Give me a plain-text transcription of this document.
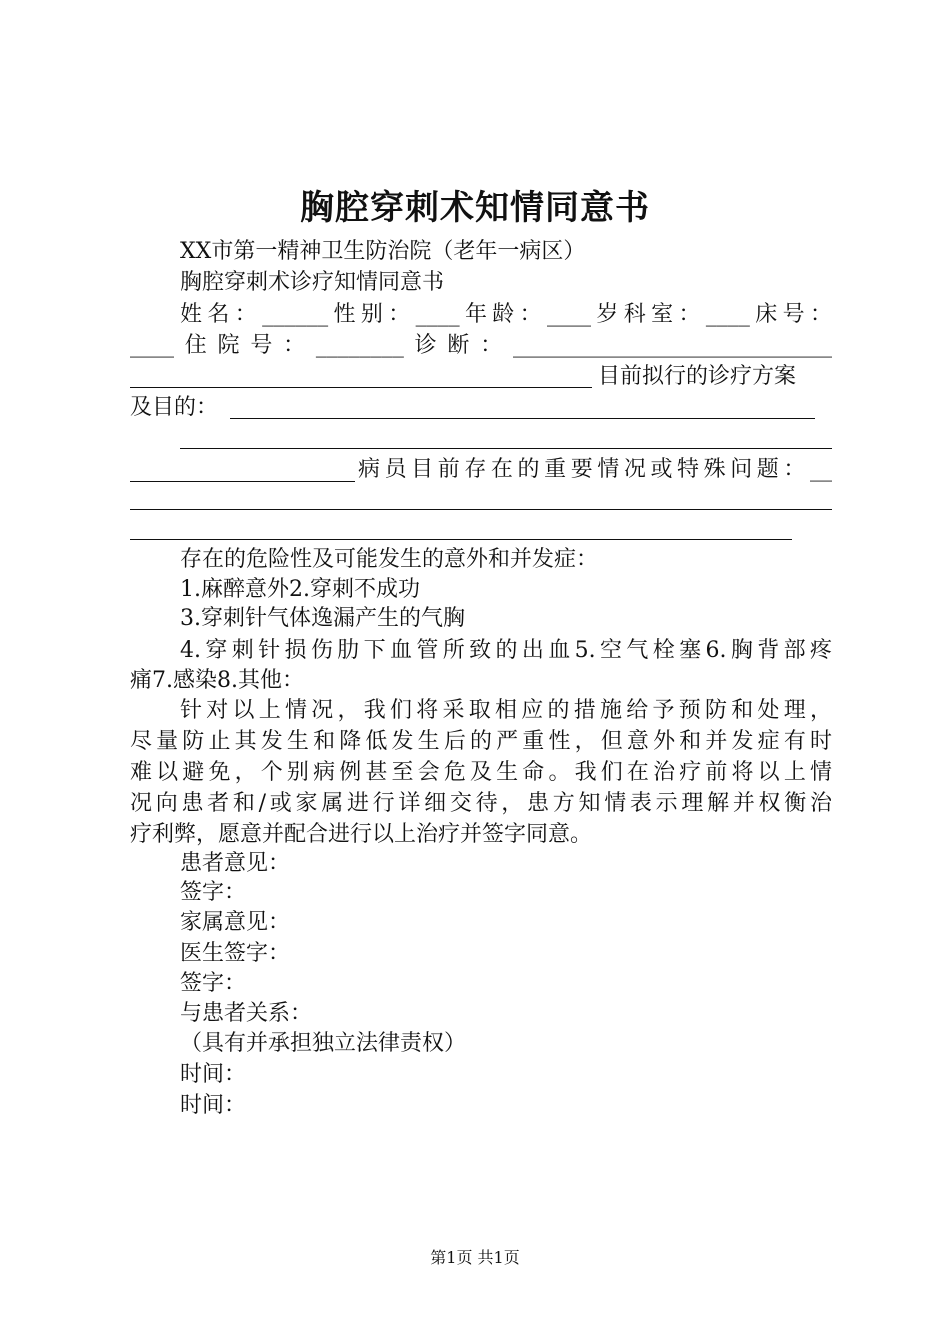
胸腔穿刺术知情同意书
XX市第一精神卫生防治院（老年一病区）
胸腔穿刺术诊疗知情同意书
姓名：______性别：____年龄：____岁科室：____床号：
____住院号：________诊断：_____________________________
目前拟行的诊疗方案
及目的：
病员目前存在的重要情况或特殊问题：__
存在的危险性及可能发生的意外和并发症：
1.麻醉意外2.穿刺不成功
3.穿刺针气体逸漏产生的气胸
4.穿刺针损伤肋下血管所致的出血5.空气栓塞6.胸背部疼
痛7.感染8.其他：
针对以上情况，我们将采取相应的措施给予预防和处理，
尽量防止其发生和降低发生后的严重性，但意外和并发症有时
难以避免，个别病例甚至会危及生命。我们在治疗前将以上情
况向患者和/或家属进行详细交待，患方知情表示理解并权衡治
疗利弊，愿意并配合进行以上治疗并签字同意。
患者意见：
签字：
家属意见：
医生签字：
签字：
与患者关系：
（具有并承担独立法律责权）
时间：
时间：
第1页 共1页
